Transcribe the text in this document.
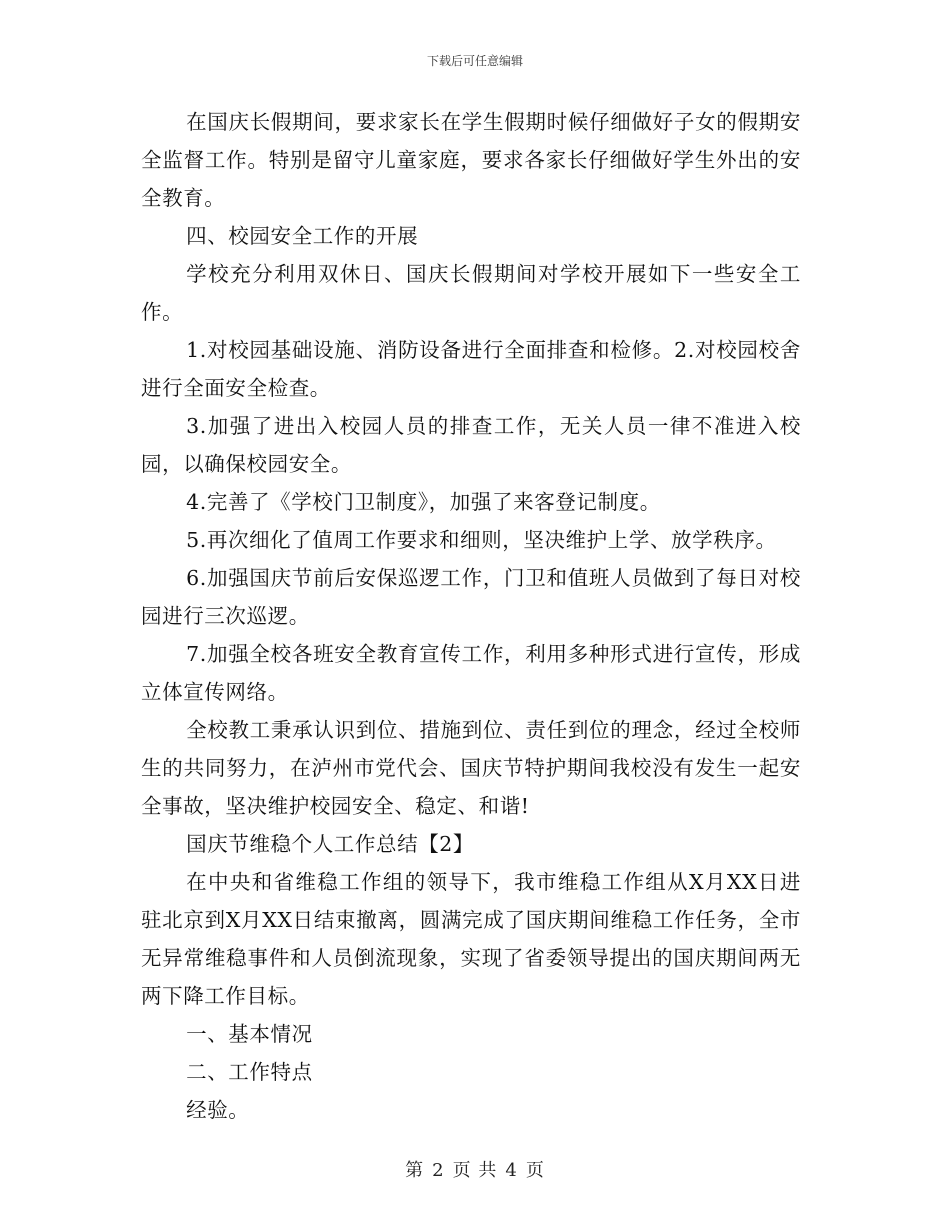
下载后可任意编辑

在国庆长假期间，要求家长在学生假期时候仔细做好子女的假期安全监督工作。特别是留守儿童家庭，要求各家长仔细做好学生外出的安全教育。

四、校园安全工作的开展

学校充分利用双休日、国庆长假期间对学校开展如下一些安全工作。

1.对校园基础设施、消防设备进行全面排查和检修。2.对校园校舍进行全面安全检查。

3.加强了进出入校园人员的排查工作，无关人员一律不准进入校园，以确保校园安全。

4.完善了《学校门卫制度》，加强了来客登记制度。

5.再次细化了值周工作要求和细则，坚决维护上学、放学秩序。

6.加强国庆节前后安保巡逻工作，门卫和值班人员做到了每日对校园进行三次巡逻。

7.加强全校各班安全教育宣传工作，利用多种形式进行宣传，形成立体宣传网络。

全校教工秉承认识到位、措施到位、责任到位的理念，经过全校师生的共同努力，在泸州市党代会、国庆节特护期间我校没有发生一起安全事故，坚决维护校园安全、稳定、和谐!

国庆节维稳个人工作总结【2】

在中央和省维稳工作组的领导下，我市维稳工作组从X月XX日进驻北京到X月XX日结束撤离，圆满完成了国庆期间维稳工作任务，全市无异常维稳事件和人员倒流现象，实现了省委领导提出的国庆期间两无两下降工作目标。

一、基本情况

二、工作特点

经验。

第 2 页 共 4 页
